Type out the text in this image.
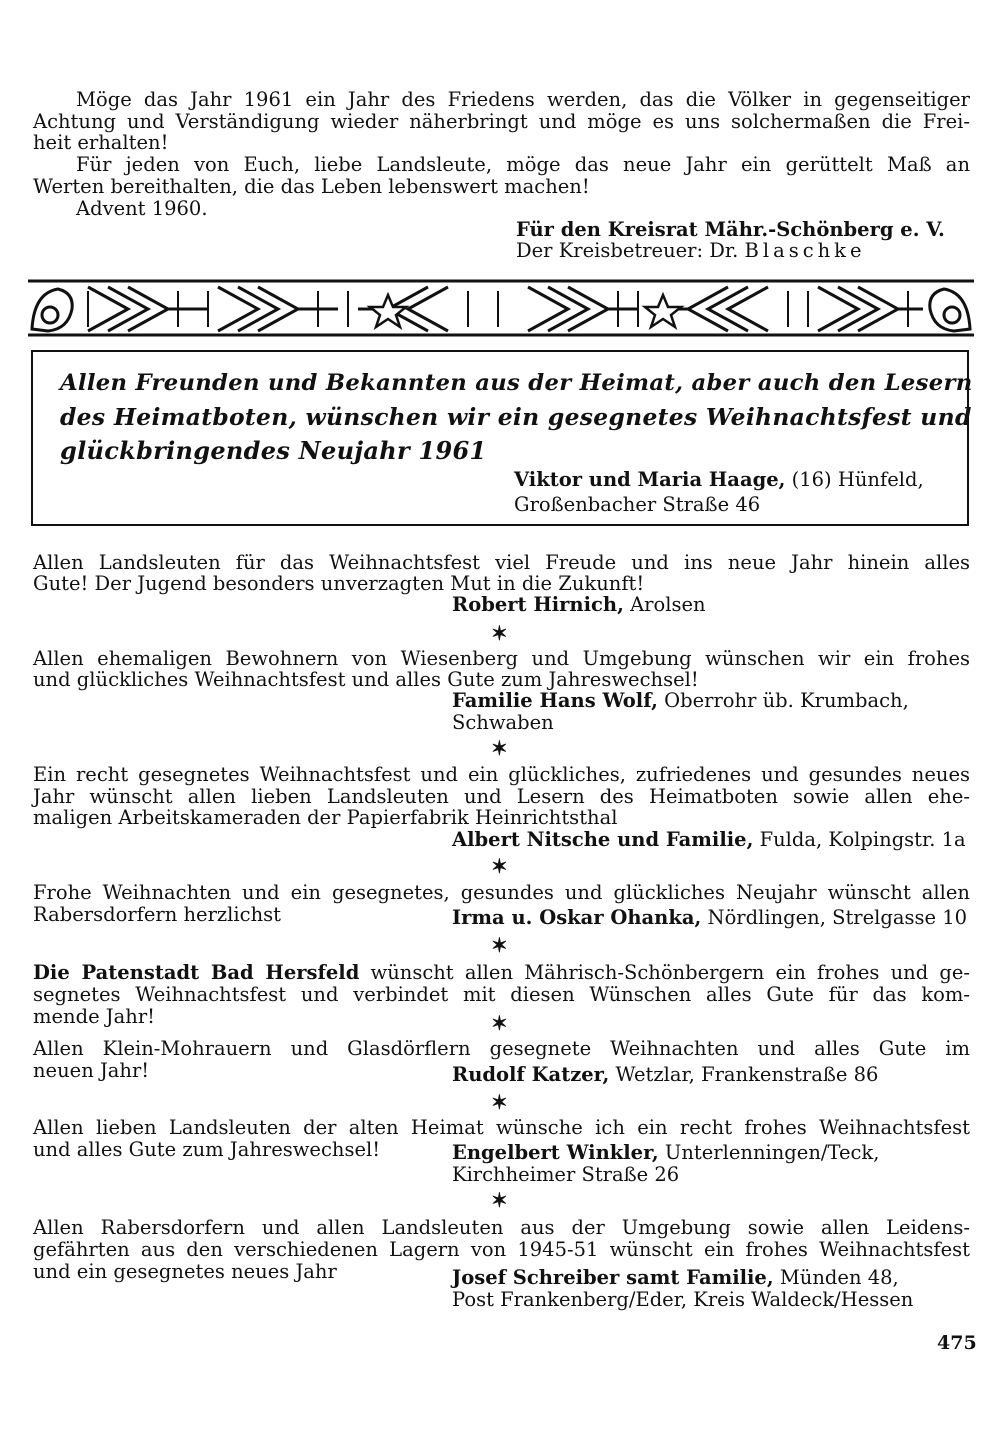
Möge das Jahr 1961 ein Jahr des Friedens werden, das die Völker in gegenseitiger
Achtung und Verständigung wieder näherbringt und möge es uns solchermaßen die Frei-
heit erhalten!
Für jeden von Euch, liebe Landsleute, möge das neue Jahr ein gerüttelt Maß an
Werten bereithalten, die das Leben lebenswert machen!
Advent 1960.
Für den Kreisrat Mähr.-Schönberg e. V.
Der Kreisbetreuer: Dr. Blaschke
Allen Freunden und Bekannten aus der Heimat, aber auch den Lesern
des Heimatboten, wünschen wir ein gesegnetes Weihnachtsfest und
glückbringendes Neujahr 1961
Viktor und Maria Haage, (16) Hünfeld,
Großenbacher Straße 46
Allen Landsleuten für das Weihnachtsfest viel Freude und ins neue Jahr hinein alles
Gute! Der Jugend besonders unverzagten Mut in die Zukunft!
Robert Hirnich, Arolsen
✶
Allen ehemaligen Bewohnern von Wiesenberg und Umgebung wünschen wir ein frohes
und glückliches Weihnachtsfest und alles Gute zum Jahreswechsel!
Familie Hans Wolf, Oberrohr üb. Krumbach,
Schwaben
✶
Ein recht gesegnetes Weihnachtsfest und ein glückliches, zufriedenes und gesundes neues
Jahr wünscht allen lieben Landsleuten und Lesern des Heimatboten sowie allen ehe-
maligen Arbeitskameraden der Papierfabrik Heinrichtsthal
Albert Nitsche und Familie, Fulda, Kolpingstr. 1a
✶
Frohe Weihnachten und ein gesegnetes, gesundes und glückliches Neujahr wünscht allen
Rabersdorfern herzlichst	Irma u. Oskar Ohanka, Nördlingen, Strelgasse 10
✶
Die Patenstadt Bad Hersfeld wünscht allen Mährisch-Schönbergern ein frohes und ge-
segnetes Weihnachtsfest und verbindet mit diesen Wünschen alles Gute für das kom-
mende Jahr!	✶
Allen Klein-Mohrauern und Glasdörflern gesegnete Weihnachten und alles Gute im
neuen Jahr!	Rudolf Katzer, Wetzlar, Frankenstraße 86
✶
Allen lieben Landsleuten der alten Heimat wünsche ich ein recht frohes Weihnachtsfest
und alles Gute zum Jahreswechsel!	Engelbert Winkler, Unterlenningen/Teck,
Kirchheimer Straße 26
✶
Allen Rabersdorfern und allen Landsleuten aus der Umgebung sowie allen Leidens-
gefährten aus den verschiedenen Lagern von 1945-51 wünscht ein frohes Weihnachtsfest
und ein gesegnetes neues Jahr	Josef Schreiber samt Familie, Münden 48,
Post Frankenberg/Eder, Kreis Waldeck/Hessen
475
